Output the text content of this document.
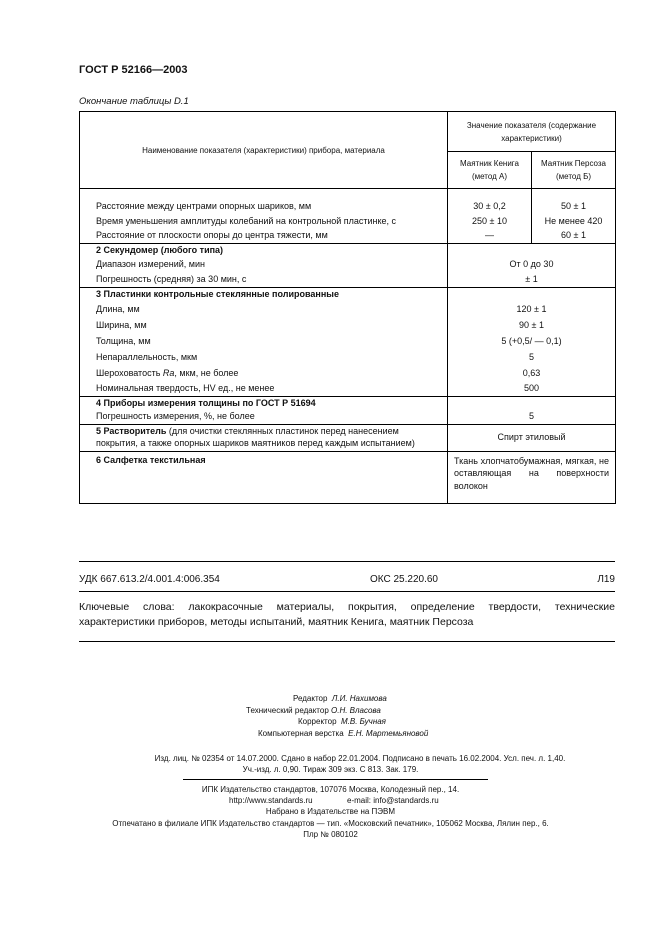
ГОСТ Р 52166—2003
Окончание таблицы D.1
Наименование показателя (характеристики) прибора, материала	Значение показателя (содержание характеристики)	
	Маятник Кенига (метод А)	Маятник Персоза (метод Б)

Расстояние между центрами опорных шариков, мм	30 ± 0,2	50 ± 1
Время уменьшения амплитуды колебаний на контрольной пластинке, с	250 ± 10	Не менее 420
Расстояние от плоскости опоры до центра тяжести, мм	—	60 ± 1
2 Секундомер (любого типа)		
Диапазон измерений, мин	От 0 до 30	
Погрешность (средняя) за 30 мин, с	± 1	
3 Пластинки контрольные стеклянные полированные		
Длина, мм	120 ± 1	
Ширина, мм	90 ± 1	
Толщина, мм	5 (+0,5/ — 0,1)	
Непараллельность, мкм	5	
Шероховатость Ra, мкм, не более	0,63	
Номинальная твердость, HV ед., не менее	500	
4 Приборы измерения толщины по ГОСТ Р 51694		
Погрешность измерения, %, не более	5	
5 Растворитель (для очистки стеклянных пластинок перед нанесением покрытия, а также опорных шариков маятников перед каждым испытанием)	Спирт этиловый	
6 Салфетка текстильная	Ткань хлопчатобумажная, мягкая, не оставляющая на поверхности волокон	
УДК 667.613.2/4.001.4:006.354	ОКС 25.220.60	Л19
Ключевые слова: лакокрасочные материалы, покрытия, определение твердости, технические характеристики приборов, методы испытаний, маятник Кенига, маятник Персоза
Редактор Л.И. Нахимова
Технический редактор О.Н. Власова
Корректор М.В. Бучная
Компьютерная верстка Е.Н. Мартемьяновой
Изд. лиц. № 02354 от 14.07.2000. Сдано в набор 22.01.2004. Подписано в печать 16.02.2004. Усл. печ. л. 1,40.
Уч.-изд. л. 0,90. Тираж 309 экз. С 813. Зак. 179.
ИПК Издательство стандартов, 107076 Москва, Колодезный пер., 14.
http://www.standards.ru	e-mail: info@standards.ru
Набрано в Издательстве на ПЭВМ
Отпечатано в филиале ИПК Издательство стандартов — тип. «Московский печатник», 105062 Москва, Лялин пер., 6.
Плр № 080102
